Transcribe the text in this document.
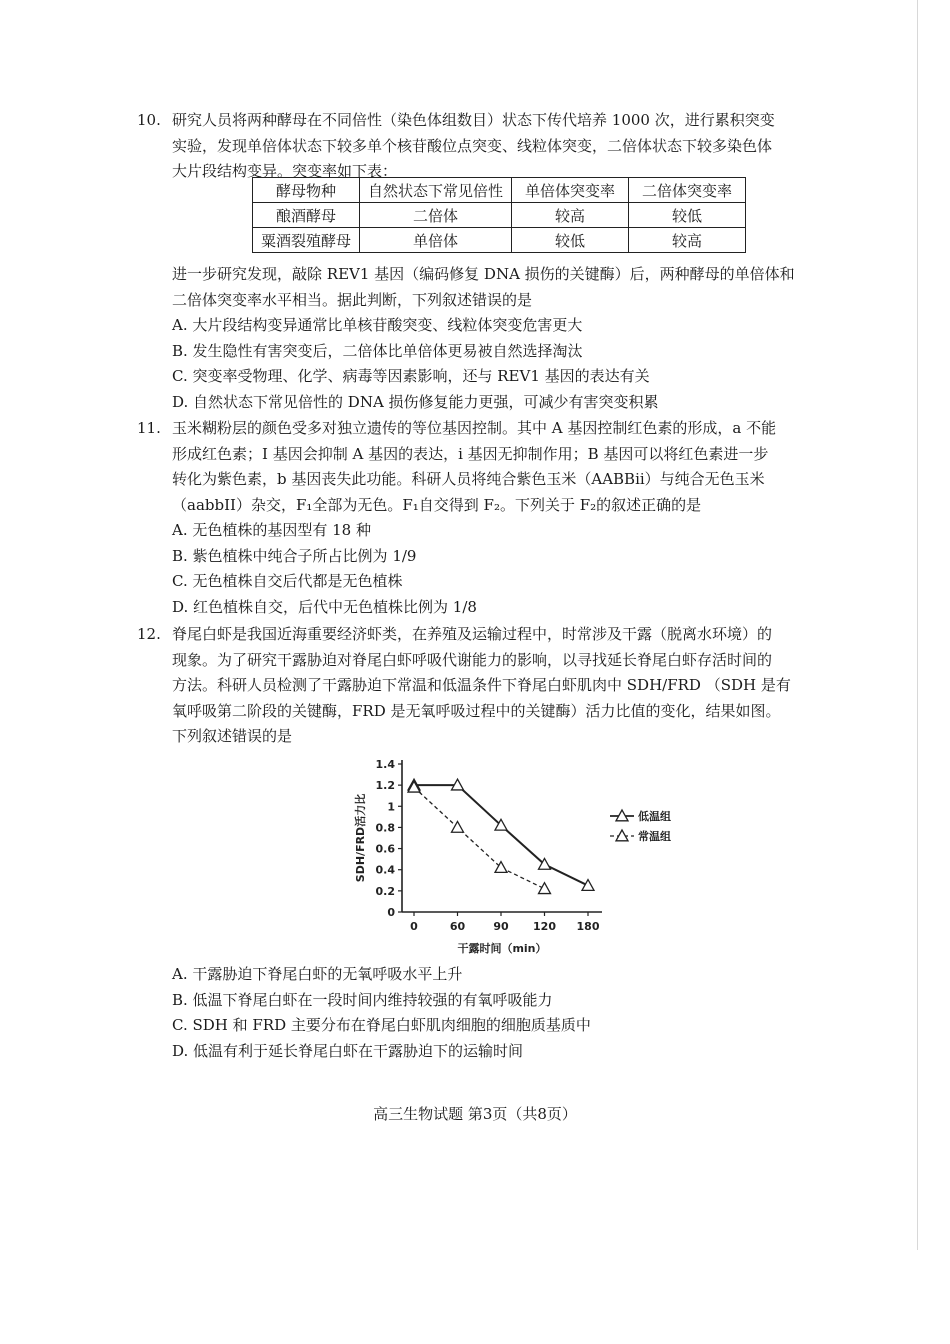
10. 研究人员将两种酵母在不同倍性（染色体组数目）状态下传代培养 1000 次，进行累积突变
实验，发现单倍体状态下较多单个核苷酸位点突变、线粒体突变，二倍体状态下较多染色体
大片段结构变异。突变率如下表：
酵母物种	自然状态下常见倍性	单倍体突变率	二倍体突变率
酿酒酵母	二倍体	较高	较低
粟酒裂殖酵母	单倍体	较低	较高
进一步研究发现，敲除 REV1 基因（编码修复 DNA 损伤的关键酶）后，两种酵母的单倍体和
二倍体突变率水平相当。据此判断，下列叙述错误的是
A. 大片段结构变异通常比单核苷酸突变、线粒体突变危害更大
B. 发生隐性有害突变后，二倍体比单倍体更易被自然选择淘汰
C. 突变率受物理、化学、病毒等因素影响，还与 REV1 基因的表达有关
D. 自然状态下常见倍性的 DNA 损伤修复能力更强，可减少有害突变积累
11. 玉米糊粉层的颜色受多对独立遗传的等位基因控制。其中 A 基因控制红色素的形成，a 不能
形成红色素；I 基因会抑制 A 基因的表达，i 基因无抑制作用；B 基因可以将红色素进一步
转化为紫色素，b 基因丧失此功能。科研人员将纯合紫色玉米（AABBii）与纯合无色玉米
（aabbII）杂交，F₁全部为无色。F₁自交得到 F₂。下列关于 F₂的叙述正确的是
A. 无色植株的基因型有 18 种
B. 紫色植株中纯合子所占比例为 1/9
C. 无色植株自交后代都是无色植株
D. 红色植株自交，后代中无色植株比例为 1/8
12. 脊尾白虾是我国近海重要经济虾类，在养殖及运输过程中，时常涉及干露（脱离水环境）的
现象。为了研究干露胁迫对脊尾白虾呼吸代谢能力的影响，以寻找延长脊尾白虾存活时间的
方法。科研人员检测了干露胁迫下常温和低温条件下脊尾白虾肌肉中 SDH/FRD （SDH 是有
氧呼吸第二阶段的关键酶，FRD 是无氧呼吸过程中的关键酶）活力比值的变化，结果如图。
下列叙述错误的是
0
0.2
0.4
0.6
0.8
1
1.2
1.4
0	60	90 120 180
干露时间（min）
SDH/FRD活力比	低温组
常温组
A. 干露胁迫下脊尾白虾的无氧呼吸水平上升
B. 低温下脊尾白虾在一段时间内维持较强的有氧呼吸能力
C. SDH 和 FRD 主要分布在脊尾白虾肌肉细胞的细胞质基质中
D. 低温有利于延长脊尾白虾在干露胁迫下的运输时间
高三生物试题 第3页（共8页）
